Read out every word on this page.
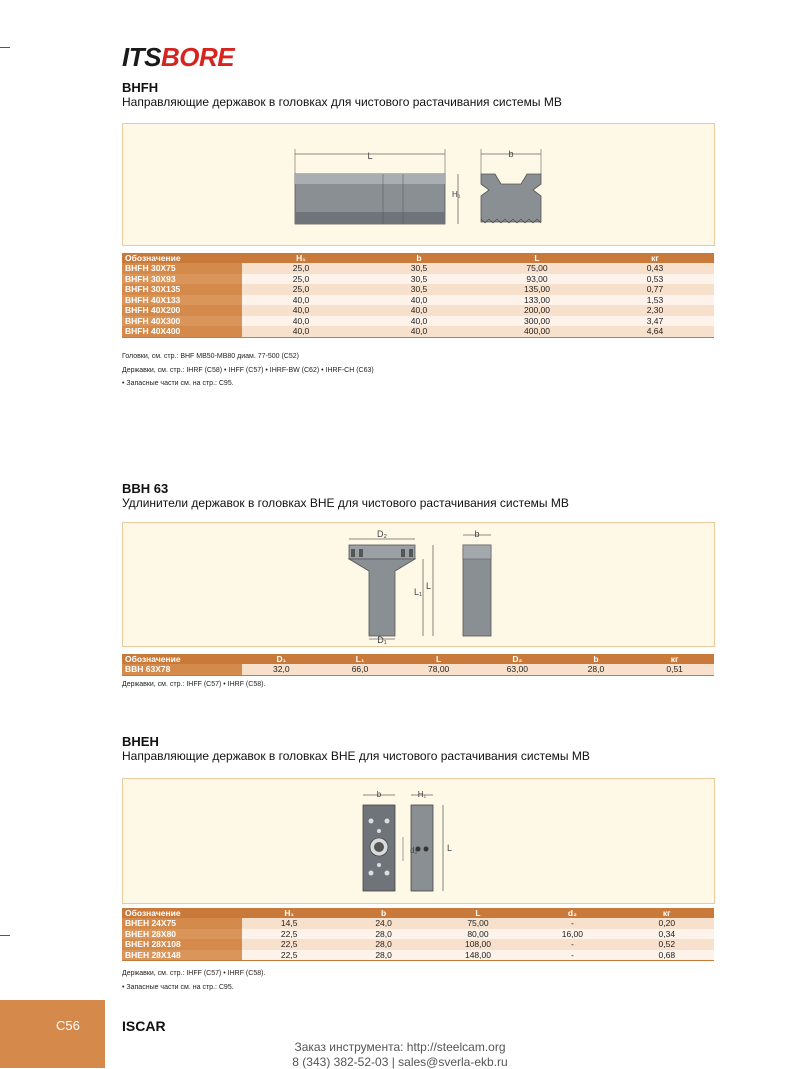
ITSBORE
BHFH
Направляющие державок в головках для чистового растачивания системы MB
L
H₁
b
Обозначение	H₁	b	L	кг
BHFH 30X75	25,0	30,5	75,00	0,43
BHFH 30X93	25,0	30,5	93,00	0,53
BHFH 30X135	25,0	30,5	135,00	0,77
BHFH 40X133	40,0	40,0	133,00	1,53
BHFH 40X200	40,0	40,0	200,00	2,30
BHFH 40X300	40,0	40,0	300,00	3,47
BHFH 40X400	40,0	40,0	400,00	4,64
Головки, см. стр.: BHF MB50-MB80 диам. 77-500 (C52)
Державки, см. стр.: IHRF (C58) • IHFF (C57) • IHRF-BW (C62) • IHRF-CH (C63)
• Запасные части см. на стр.: C95.
BBH 63
Удлинители державок в головках BHE для чистового растачивания системы MB
D₂
D₁
L
L₁
b
Обозначение	D₁	L₁	L	D₂	b	кг
BBH 63X78	32,0	66,0	78,00	63,00	28,0	0,51
Державки, см. стр.: IHFF (C57) • IHRF (C58).
BHEH
Направляющие державок в головках BHE для чистового растачивания системы MB
b	H₁
d₂	L
Обозначение	H₁	b	L	d₂	кг
BHEH 24X75	14,5	24,0	75,00	-	0,20
BHEH 28X80	22,5	28,0	80,00	16,00	0,34
BHEH 28X108	22,5	28,0	108,00	-	0,52
BHEH 28X148	22,5	28,0	148,00	-	0,68
Державки, см. стр.: IHFF (C57) • IHRF (C58).
• Запасные части см. на стр.: C95.
C56	ISCAR
Заказ инструмента: http://steelcam.org
8 (343) 382-52-03 | sales@sverla-ekb.ru
